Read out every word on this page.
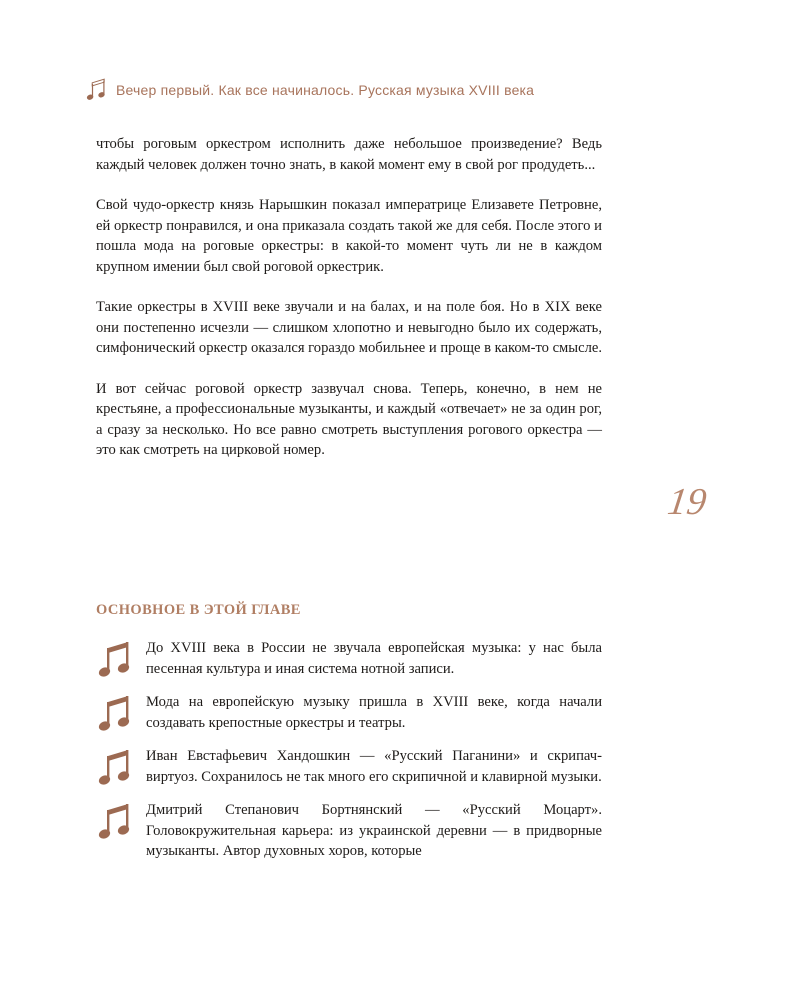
Вечер первый. Как все начиналось. Русская музыка XVIII века

чтобы роговым оркестром исполнить даже небольшое произведение? Ведь каждый человек должен точно знать, в какой момент ему в свой рог продудеть...

Свой чудо-оркестр князь Нарышкин показал императрице Елизавете Петровне, ей оркестр понравился, и она приказала создать такой же для себя. После этого и пошла мода на роговые оркестры: в какой-то момент чуть ли не в каждом крупном имении был свой роговой оркестрик.

Такие оркестры в XVIII веке звучали и на балах, и на поле боя. Но в XIX веке они постепенно исчезли — слишком хлопотно и невыгодно было их содержать, симфонический оркестр оказался гораздо мобильнее и проще в каком-то смысле.

И вот сейчас роговой оркестр зазвучал снова. Теперь, конечно, в нем не крестьяне, а профессиональные музыканты, и каждый «отвечает» не за один рог, а сразу за несколько. Но все равно смотреть выступления рогового оркестра — это как смотреть на цирковой номер.

19
ОСНОВНОЕ В ЭТОЙ ГЛАВЕ
До XVIII века в России не звучала европейская музыка: у нас была песенная культура и иная система нотной записи.
Мода на европейскую музыку пришла в XVIII веке, когда начали создавать крепостные оркестры и театры.
Иван Евстафьевич Хандошкин — «Русский Паганини» и скрипач-виртуоз. Сохранилось не так много его скрипичной и клавирной музыки.
Дмитрий Степанович Бортнянский — «Русский Моцарт». Головокружительная карьера: из украинской деревни — в придворные музыканты. Автор духовных хоров, которые
